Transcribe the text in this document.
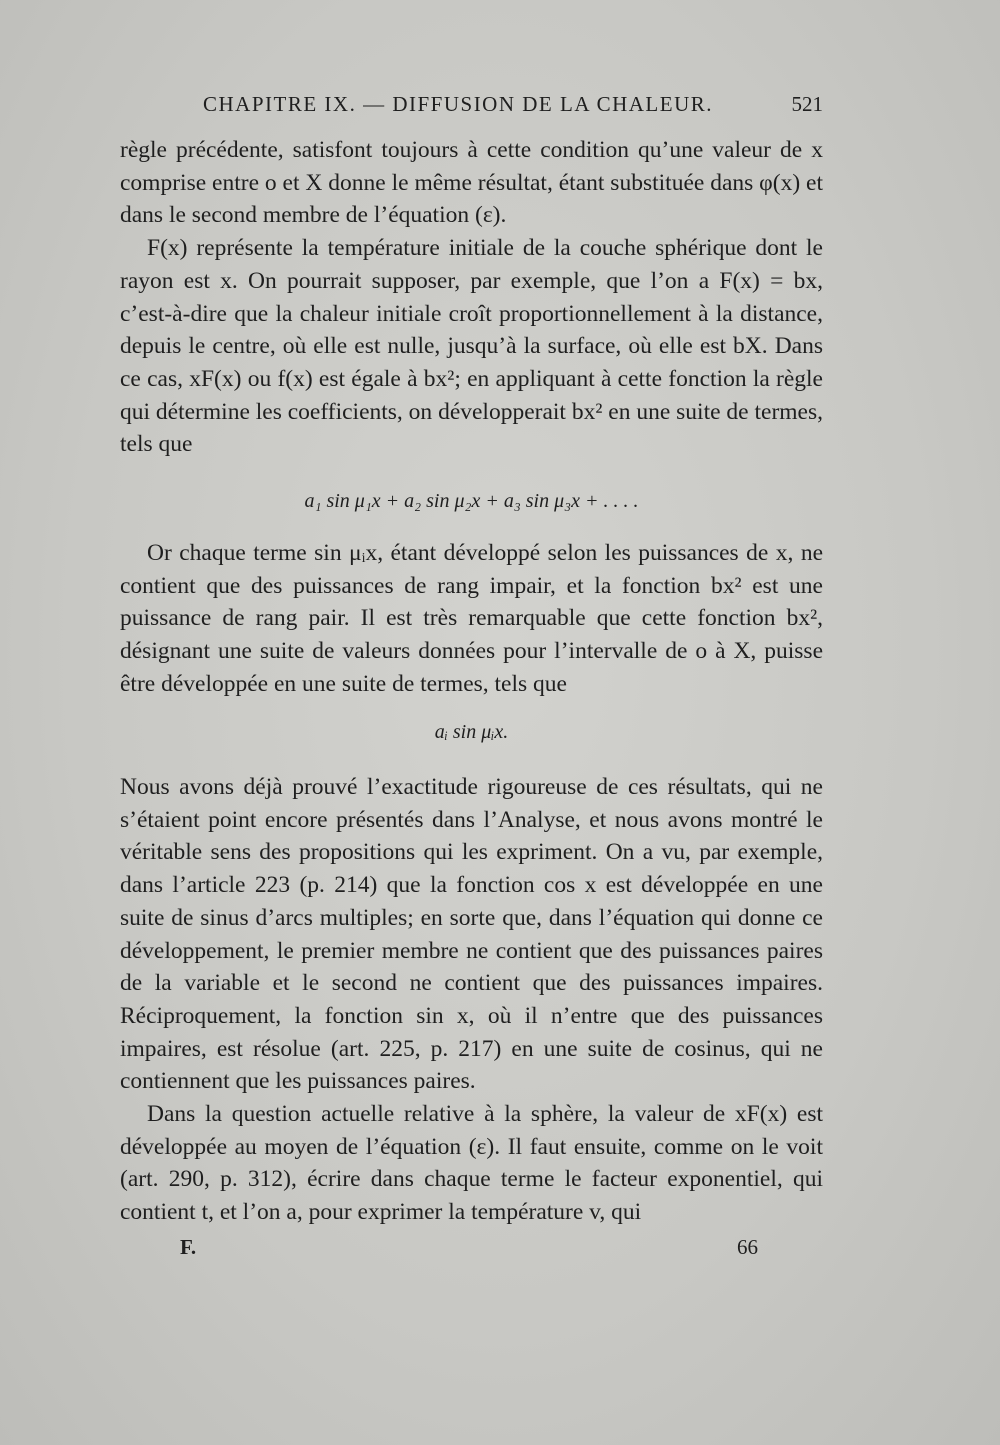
CHAPITRE IX. — DIFFUSION DE LA CHALEUR.	521

règle précédente, satisfont toujours à cette condition qu’une valeur de x comprise entre o et X donne le même résultat, étant substituée dans φ(x) et dans le second membre de l’équation (ε).

F(x) représente la température initiale de la couche sphérique dont le rayon est x. On pourrait supposer, par exemple, que l’on a F(x) = bx, c’est-à-dire que la chaleur initiale croît proportionnellement à la distance, depuis le centre, où elle est nulle, jusqu’à la surface, où elle est bX. Dans ce cas, xF(x) ou f(x) est égale à bx²; en appliquant à cette fonction la règle qui détermine les coefficients, on développerait bx² en une suite de termes, tels que

a₁ sin μ₁x + a₂ sin μ₂x + a₃ sin μ₃x + . . . .

Or chaque terme sin μᵢx, étant développé selon les puissances de x, ne contient que des puissances de rang impair, et la fonction bx² est une puissance de rang pair. Il est très remarquable que cette fonction bx², désignant une suite de valeurs données pour l’intervalle de o à X, puisse être développée en une suite de termes, tels que

aᵢ sin μᵢx.

Nous avons déjà prouvé l’exactitude rigoureuse de ces résultats, qui ne s’étaient point encore présentés dans l’Analyse, et nous avons montré le véritable sens des propositions qui les expriment. On a vu, par exemple, dans l’article 223 (p. 214) que la fonction cos x est développée en une suite de sinus d’arcs multiples; en sorte que, dans l’équation qui donne ce développement, le premier membre ne contient que des puissances paires de la variable et le second ne contient que des puissances impaires. Réciproquement, la fonction sin x, où il n’entre que des puissances impaires, est résolue (art. 225, p. 217) en une suite de cosinus, qui ne contiennent que les puissances paires.

Dans la question actuelle relative à la sphère, la valeur de xF(x) est développée au moyen de l’équation (ε). Il faut ensuite, comme on le voit (art. 290, p. 312), écrire dans chaque terme le facteur exponentiel, qui contient t, et l’on a, pour exprimer la température v, qui

F.	66
